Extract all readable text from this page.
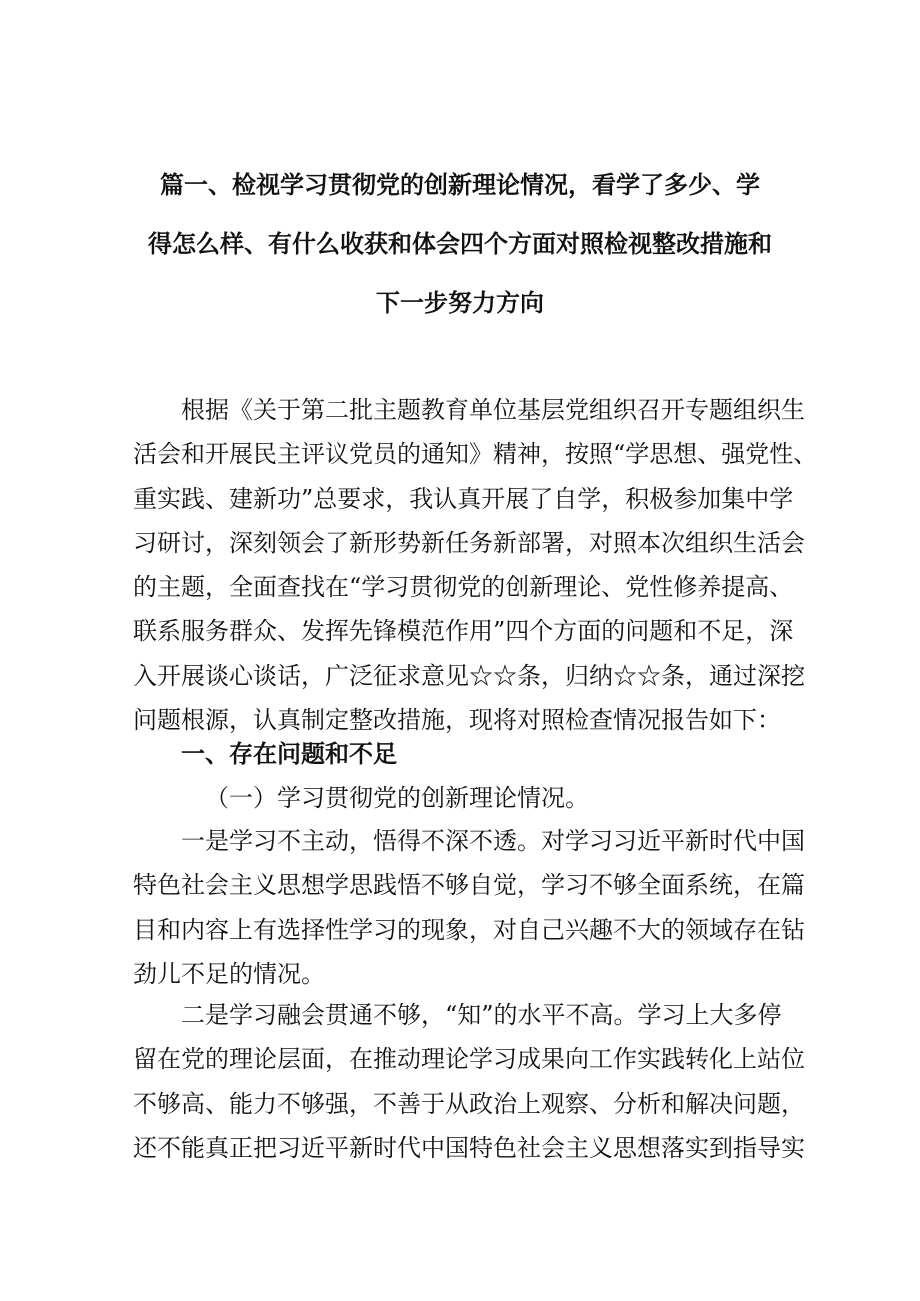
篇一、检视学习贯彻党的创新理论情况，看学了多少、学
得怎么样、有什么收获和体会四个方面对照检视整改措施和
下一步努力方向
根据《关于第二批主题教育单位基层党组织召开专题组织生
活会和开展民主评议党员的通知》精神，按照“学思想、强党性、
重实践、建新功”总要求，我认真开展了自学，积极参加集中学
习研讨，深刻领会了新形势新任务新部署，对照本次组织生活会
的主题，全面查找在“学习贯彻党的创新理论、党性修养提高、
联系服务群众、发挥先锋模范作用”四个方面的问题和不足，深
入开展谈心谈话，广泛征求意见☆☆条，归纳☆☆条，通过深挖
问题根源，认真制定整改措施，现将对照检查情况报告如下：
一、存在问题和不足
（一）学习贯彻党的创新理论情况。
一是学习不主动，悟得不深不透。对学习习近平新时代中国
特色社会主义思想学思践悟不够自觉，学习不够全面系统，在篇
目和内容上有选择性学习的现象，对自己兴趣不大的领域存在钻
劲儿不足的情况。
二是学习融会贯通不够，“知”的水平不高。学习上大多停
留在党的理论层面，在推动理论学习成果向工作实践转化上站位
不够高、能力不够强，不善于从政治上观察、分析和解决问题，
还不能真正把习近平新时代中国特色社会主义思想落实到指导实
